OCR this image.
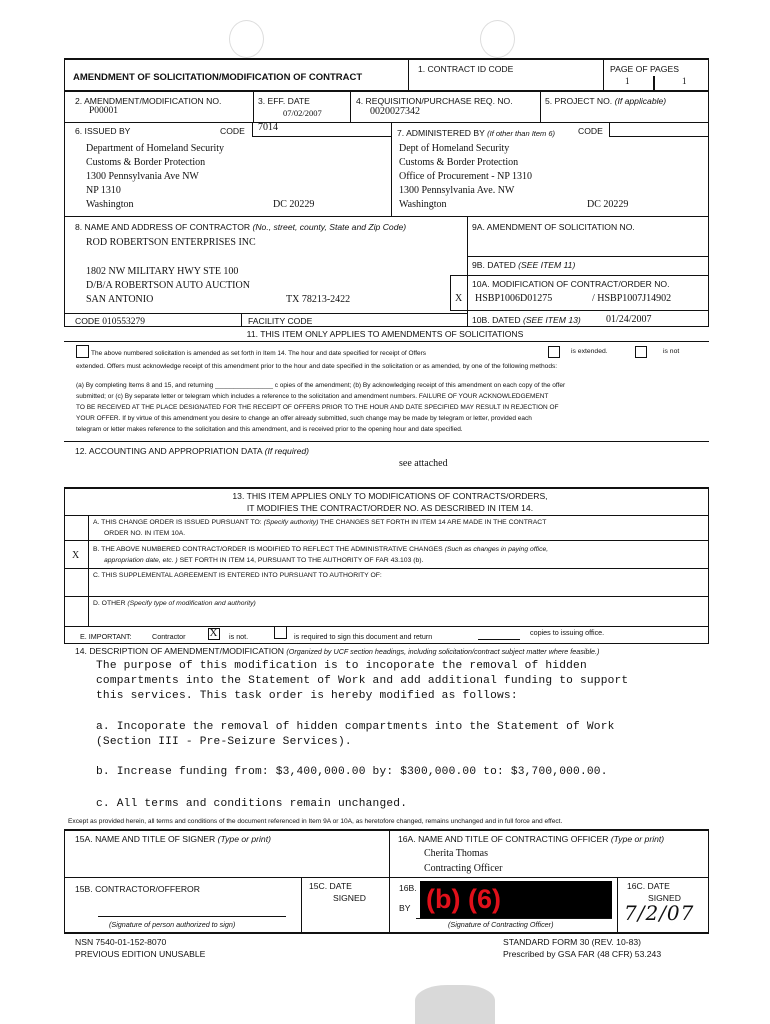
AMENDMENT OF SOLICITATION/MODIFICATION OF CONTRACT
1. CONTRACT ID CODE	PAGE OF PAGES
1	1
2. AMENDMENT/MODIFICATION NO.
P00001
3. EFF. DATE
07/02/2007
4. REQUISITION/PURCHASE REQ. NO.
0020027342
5. PROJECT NO. (If applicable)
6. ISSUED BY	CODE 7014
Department of Homeland Security
Customs & Border Protection
1300 Pennsylvania Ave NW
NP 1310
Washington	DC 20229
7. ADMINISTERED BY (If other than Item 6)	CODE
Dept of Homeland Security
Customs & Border Protection
Office of Procurement - NP 1310
1300 Pennsylvania Ave. NW
Washington	DC 20229
8. NAME AND ADDRESS OF CONTRACTOR (No., street, county, State and Zip Code)
ROD ROBERTSON ENTERPRISES INC
1802 NW MILITARY HWY STE 100
D/B/A ROBERTSON AUTO AUCTION
SAN ANTONIO	TX 78213-2422
CODE 010553279	FACILITY CODE
9A. AMENDMENT OF SOLICITATION NO.
9B. DATED (SEE ITEM 11)
10A. MODIFICATION OF CONTRACT/ORDER NO.
X HSBP1006D01275	/ HSBP1007J14902
10B. DATED (SEE ITEM 13)	01/24/2007
11. THIS ITEM ONLY APPLIES TO AMENDMENTS OF SOLICITATIONS
The above numbered solicitation is amended as set forth in Item 14. The hour and date specified for receipt of Offers	is extended.	is not
extended. Offers must acknowledge receipt of this amendment prior to the hour and date specified in the solicitation or as amended, by one of the following methods:
(a) By completing Items 8 and 15, and returning ________________ c opies of the amendment; (b) By acknowledging receipt of this amendment on each copy of the offer
submitted; or (c) By separate letter or telegram which includes a reference to the solicitation and amendment numbers. FAILURE OF YOUR ACKNOWLEDGEMENT
TO BE RECEIVED AT THE PLACE DESIGNATED FOR THE RECEIPT OF OFFERS PRIOR TO THE HOUR AND DATE SPECIFIED MAY RESULT IN REJECTION OF
YOUR OFFER. If by virtue of this amendment you desire to change an offer already submitted, such change may be made by telegram or letter, provided each
telegram or letter makes reference to the solicitation and this amendment, and is received prior to the opening hour and date specified.
12. ACCOUNTING AND APPROPRIATION DATA (If required)
see attached
13. THIS ITEM APPLIES ONLY TO MODIFICATIONS OF CONTRACTS/ORDERS,
IT MODIFIES THE CONTRACT/ORDER NO. AS DESCRIBED IN ITEM 14.
A. THIS CHANGE ORDER IS ISSUED PURSUANT TO: (Specify authority) THE CHANGES SET FORTH IN ITEM 14 ARE MADE IN THE CONTRACT
ORDER NO. IN ITEM 10A.
X
B. THE ABOVE NUMBERED CONTRACT/ORDER IS MODIFIED TO REFLECT THE ADMINISTRATIVE CHANGES (Such as changes in paying office,
appropriation date, etc. ) SET FORTH IN ITEM 14, PURSUANT TO THE AUTHORITY OF FAR 43.103 (b).
C. THIS SUPPLEMENTAL AGREEMENT IS ENTERED INTO PURSUANT TO AUTHORITY OF:
D. OTHER (Specify type of modification and authority)
E. IMPORTANT:	Contractor X is not.	is required to sign this document and return	copies to issuing office.
14. DESCRIPTION OF AMENDMENT/MODIFICATION (Organized by UCF section headings, including solicitation/contract subject matter where feasible.)
The purpose of this modification is to incoporate the removal of hidden
compartments into the Statement of Work and add additional funding to support
this services. This task order is hereby modified as follows:
a. Incoporate the removal of hidden compartments into the Statement of Work
(Section III - Pre-Seizure Services).
b. Increase funding from: $3,400,000.00 by: $300,000.00 to: $3,700,000.00.
c. All terms and conditions remain unchanged.
Except as provided herein, all terms and conditions of the document referenced in Item 9A or 10A, as heretofore changed, remains unchanged and in full force and effect.
15A. NAME AND TITLE OF SIGNER (Type or print)	16A. NAME AND TITLE OF CONTRACTING OFFICER (Type or print)
Cherita Thomas
Contracting Officer
15B. CONTRACTOR/OFFEROR
(Signature of person authorized to sign)
15C. DATE
SIGNED
16B.
BY (b) (6)
(Signature of Contracting Officer)
16C. DATE
SIGNED
7/2/07
NSN 7540-01-152-8070
PREVIOUS EDITION UNUSABLE
STANDARD FORM 30 (REV. 10-83)
Prescribed by GSA FAR (48 CFR) 53.243
